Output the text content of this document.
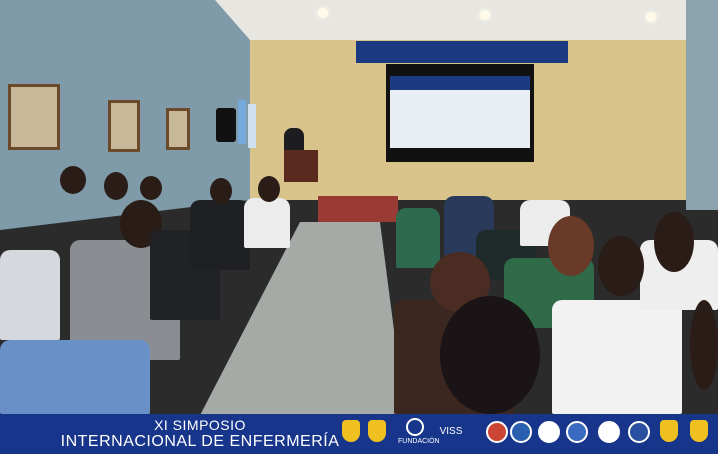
XI SIMPOSIO
INTERNACIONAL DE ENFERMERÍA	FUNDACIÓN
VISS
